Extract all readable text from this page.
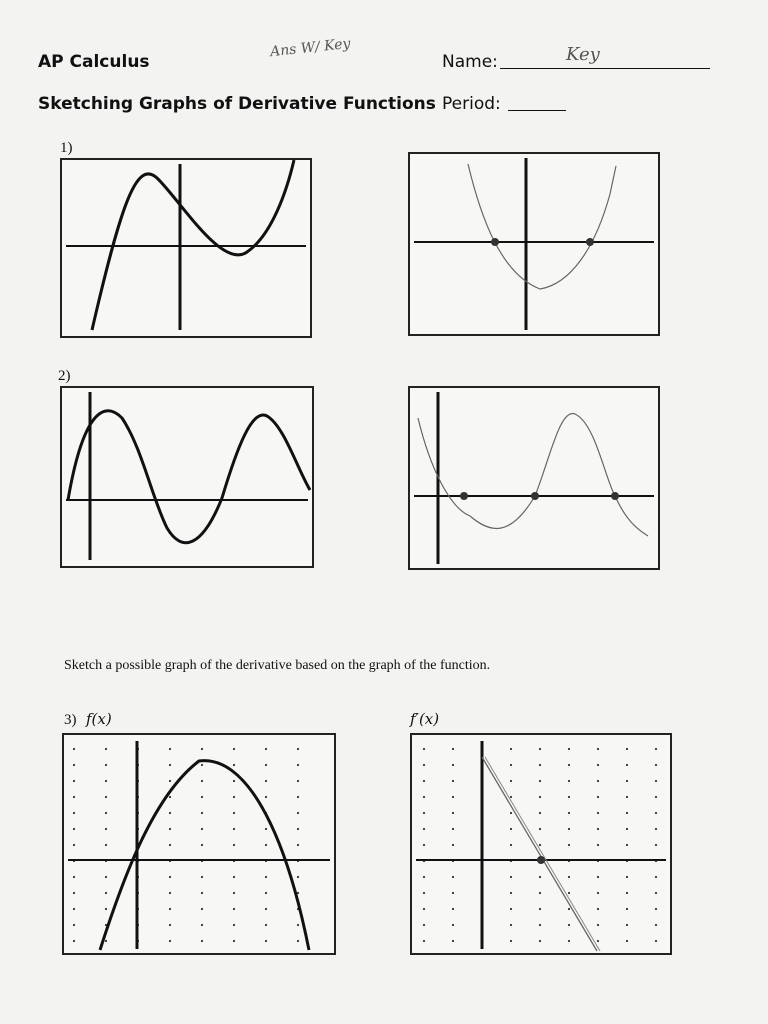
AP Calculus
Sketching Graphs of Derivative Functions
Ans W/ Key
Name:	Key
Period:
1)
2)
Sketch a possible graph of the derivative based on the graph of the function.
3) f(x)	f′(x)
